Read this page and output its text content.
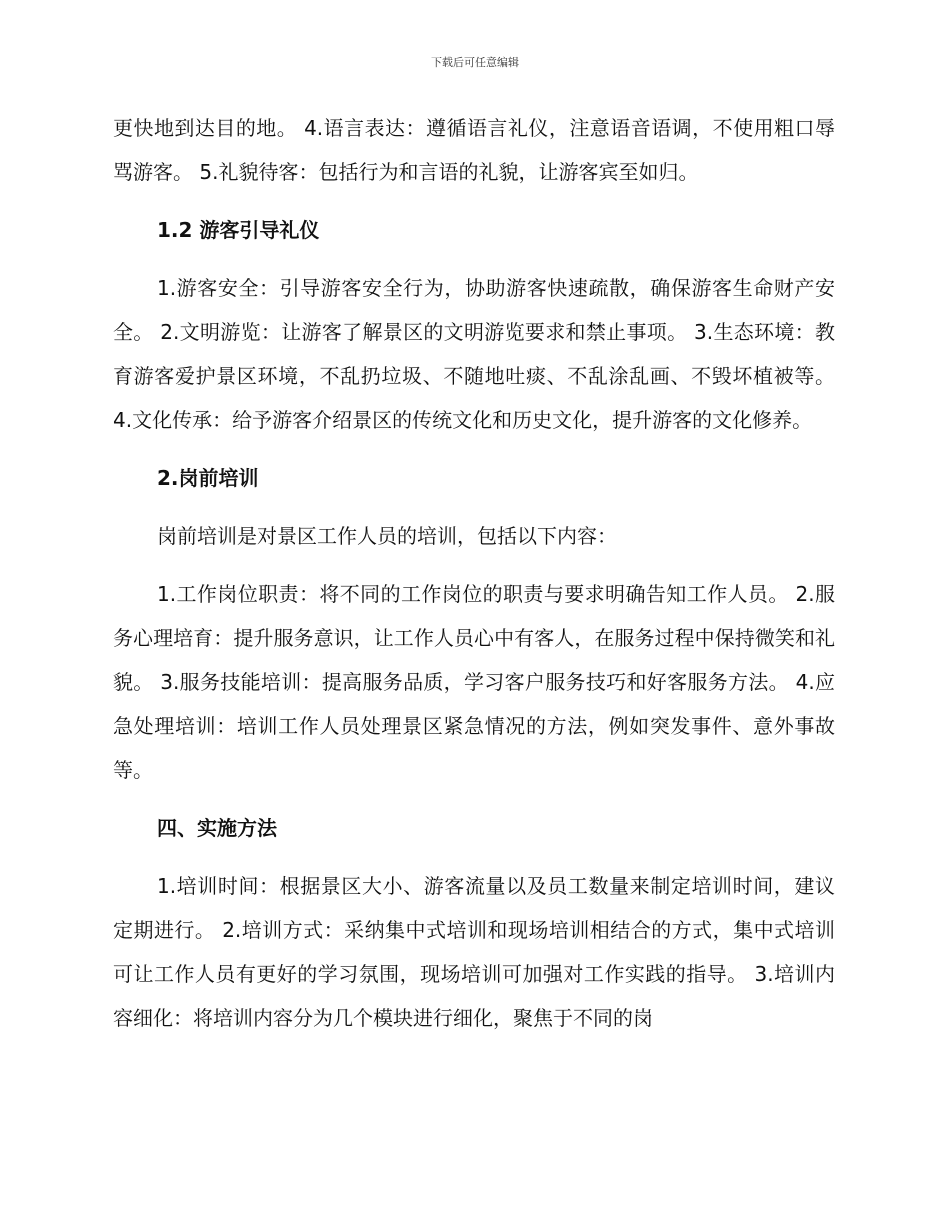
下载后可任意编辑

更快地到达目的地。 4.语言表达：遵循语言礼仪，注意语音语调，不使用粗口辱骂游客。 5.礼貌待客：包括行为和言语的礼貌，让游客宾至如归。

1.2 游客引导礼仪

1.游客安全：引导游客安全行为，协助游客快速疏散，确保游客生命财产安全。 2.文明游览：让游客了解景区的文明游览要求和禁止事项。 3.生态环境：教育游客爱护景区环境，不乱扔垃圾、不随地吐痰、不乱涂乱画、不毁坏植被等。 4.文化传承：给予游客介绍景区的传统文化和历史文化，提升游客的文化修养。

2.岗前培训

岗前培训是对景区工作人员的培训，包括以下内容：

1.工作岗位职责：将不同的工作岗位的职责与要求明确告知工作人员。 2.服务心理培育：提升服务意识，让工作人员心中有客人，在服务过程中保持微笑和礼貌。 3.服务技能培训：提高服务品质，学习客户服务技巧和好客服务方法。 4.应急处理培训：培训工作人员处理景区紧急情况的方法，例如突发事件、意外事故等。

四、实施方法

1.培训时间：根据景区大小、游客流量以及员工数量来制定培训时间，建议定期进行。 2.培训方式：采纳集中式培训和现场培训相结合的方式，集中式培训可让工作人员有更好的学习氛围，现场培训可加强对工作实践的指导。 3.培训内容细化：将培训内容分为几个模块进行细化，聚焦于不同的岗
